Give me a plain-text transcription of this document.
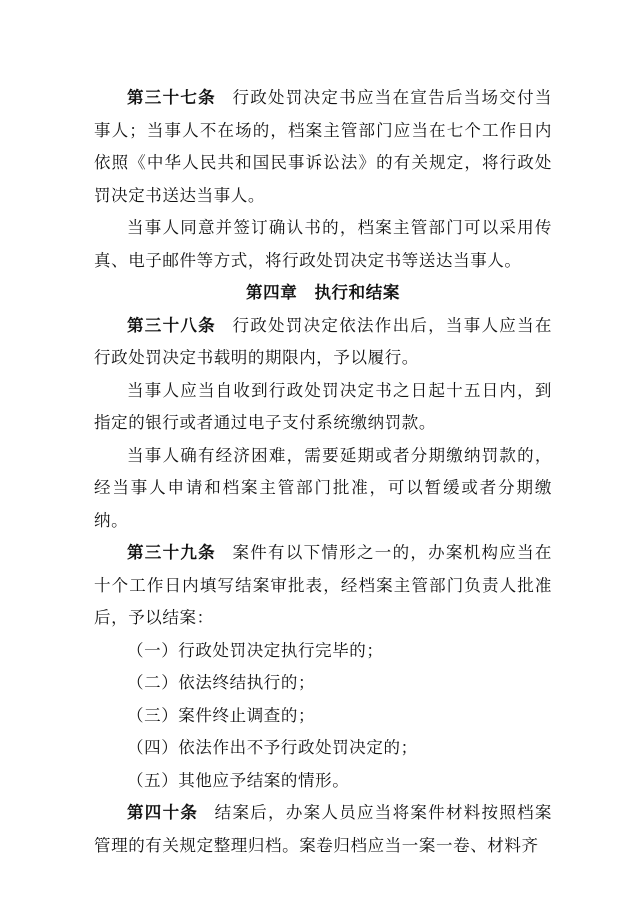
第三十七条 行政处罚决定书应当在宣告后当场交付当事人；当事人不在场的，档案主管部门应当在七个工作日内依照《中华人民共和国民事诉讼法》的有关规定，将行政处罚决定书送达当事人。

当事人同意并签订确认书的，档案主管部门可以采用传真、电子邮件等方式，将行政处罚决定书等送达当事人。

第四章　执行和结案

第三十八条 行政处罚决定依法作出后，当事人应当在行政处罚决定书载明的期限内，予以履行。

当事人应当自收到行政处罚决定书之日起十五日内，到指定的银行或者通过电子支付系统缴纳罚款。

当事人确有经济困难，需要延期或者分期缴纳罚款的，经当事人申请和档案主管部门批准，可以暂缓或者分期缴纳。

第三十九条 案件有以下情形之一的，办案机构应当在十个工作日内填写结案审批表，经档案主管部门负责人批准后，予以结案：

（一）行政处罚决定执行完毕的；

（二）依法终结执行的；

（三）案件终止调查的；

（四）依法作出不予行政处罚决定的；

（五）其他应予结案的情形。

第四十条 结案后，办案人员应当将案件材料按照档案管理的有关规定整理归档。案卷归档应当一案一卷、材料齐
